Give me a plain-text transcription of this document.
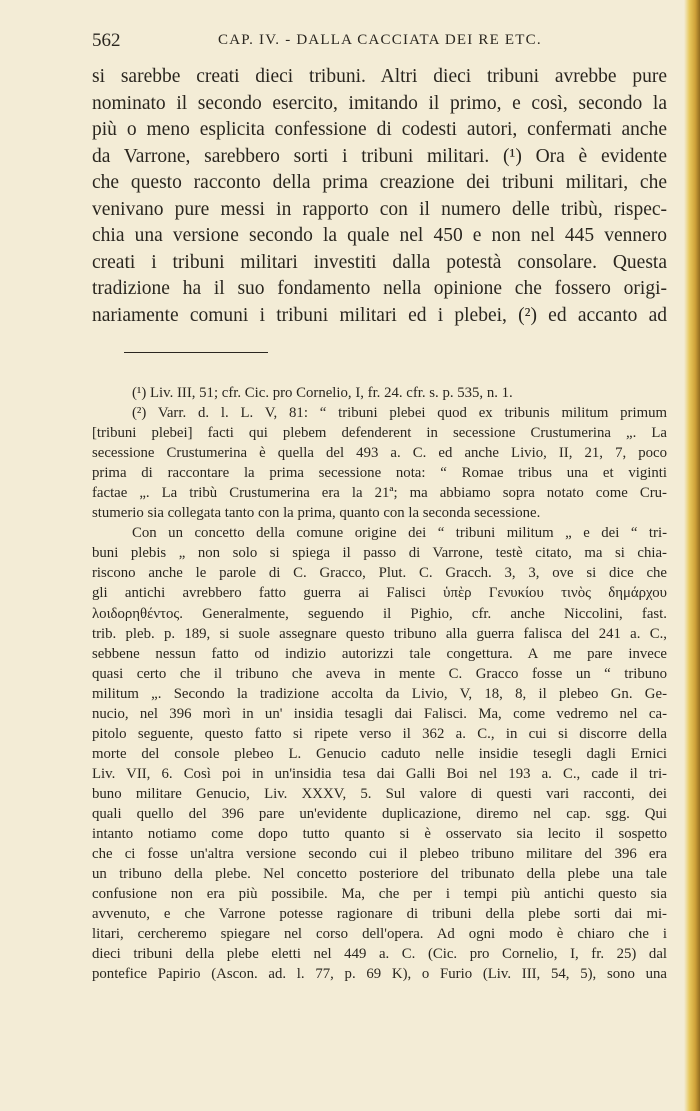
562	CAP. IV. - DALLA CACCIATA DEI RE ETC.
si sarebbe creati dieci tribuni. Altri dieci tribuni avrebbe pure
nominato il secondo esercito, imitando il primo, e così, secondo la
più o meno esplicita confessione di codesti autori, confermati anche
da Varrone, sarebbero sorti i tribuni militari. (¹) Ora è evidente
che questo racconto della prima creazione dei tribuni militari, che
venivano pure messi in rapporto con il numero delle tribù, rispec-
chia una versione secondo la quale nel 450 e non nel 445 vennero
creati i tribuni militari investiti dalla potestà consolare. Questa
tradizione ha il suo fondamento nella opinione che fossero origi-
nariamente comuni i tribuni militari ed i plebei, (²) ed accanto ad
(¹) Liv. III, 51; cfr. Cic. pro Cornelio, I, fr. 24. cfr. s. p. 535, n. 1.
(²) Varr. d. l. L. V, 81: “ tribuni plebei quod ex tribunis militum primum
[tribuni plebei] facti qui plebem defenderent in secessione Crustumerina „. La
secessione Crustumerina è quella del 493 a. C. ed anche Livio, II, 21, 7, poco
prima di raccontare la prima secessione nota: “ Romae tribus una et viginti
factae „. La tribù Crustumerina era la 21ª; ma abbiamo sopra notato come Cru-
stumerio sia collegata tanto con la prima, quanto con la seconda secessione.
Con un concetto della comune origine dei “ tribuni militum „ e dei “ tri-
buni plebis „ non solo si spiega il passo di Varrone, testè citato, ma si chia-
riscono anche le parole di C. Gracco, Plut. C. Gracch. 3, 3, ove si dice che
gli antichi avrebbero fatto guerra ai Falisci ὑπὲρ Γενυκίου τινὸς δημάρχου
λοιδορηθέντος. Generalmente, seguendo il Pighio, cfr. anche Niccolini, fast.
trib. pleb. p. 189, si suole assegnare questo tribuno alla guerra falisca del 241 a. C.,
sebbene nessun fatto od indizio autorizzi tale congettura. A me pare invece
quasi certo che il tribuno che aveva in mente C. Gracco fosse un “ tribuno
militum „. Secondo la tradizione accolta da Livio, V, 18, 8, il plebeo Gn. Ge-
nucio, nel 396 morì in un' insidia tesagli dai Falisci. Ma, come vedremo nel ca-
pitolo seguente, questo fatto si ripete verso il 362 a. C., in cui si discorre della
morte del console plebeo L. Genucio caduto nelle insidie tesegli dagli Ernici
Liv. VII, 6. Così poi in un'insidia tesa dai Galli Boi nel 193 a. C., cade il tri-
buno militare Genucio, Liv. XXXV, 5. Sul valore di questi vari racconti, dei
quali quello del 396 pare un'evidente duplicazione, diremo nel cap. sgg. Qui
intanto notiamo come dopo tutto quanto si è osservato sia lecito il sospetto
che ci fosse un'altra versione secondo cui il plebeo tribuno militare del 396 era
un tribuno della plebe. Nel concetto posteriore del tribunato della plebe una tale
confusione non era più possibile. Ma, che per i tempi più antichi questo sia
avvenuto, e che Varrone potesse ragionare di tribuni della plebe sorti dai mi-
litari, cercheremo spiegare nel corso dell'opera. Ad ogni modo è chiaro che i
dieci tribuni della plebe eletti nel 449 a. C. (Cic. pro Cornelio, I, fr. 25) dal
pontefice Papirio (Ascon. ad. l. 77, p. 69 K), o Furio (Liv. III, 54, 5), sono una
